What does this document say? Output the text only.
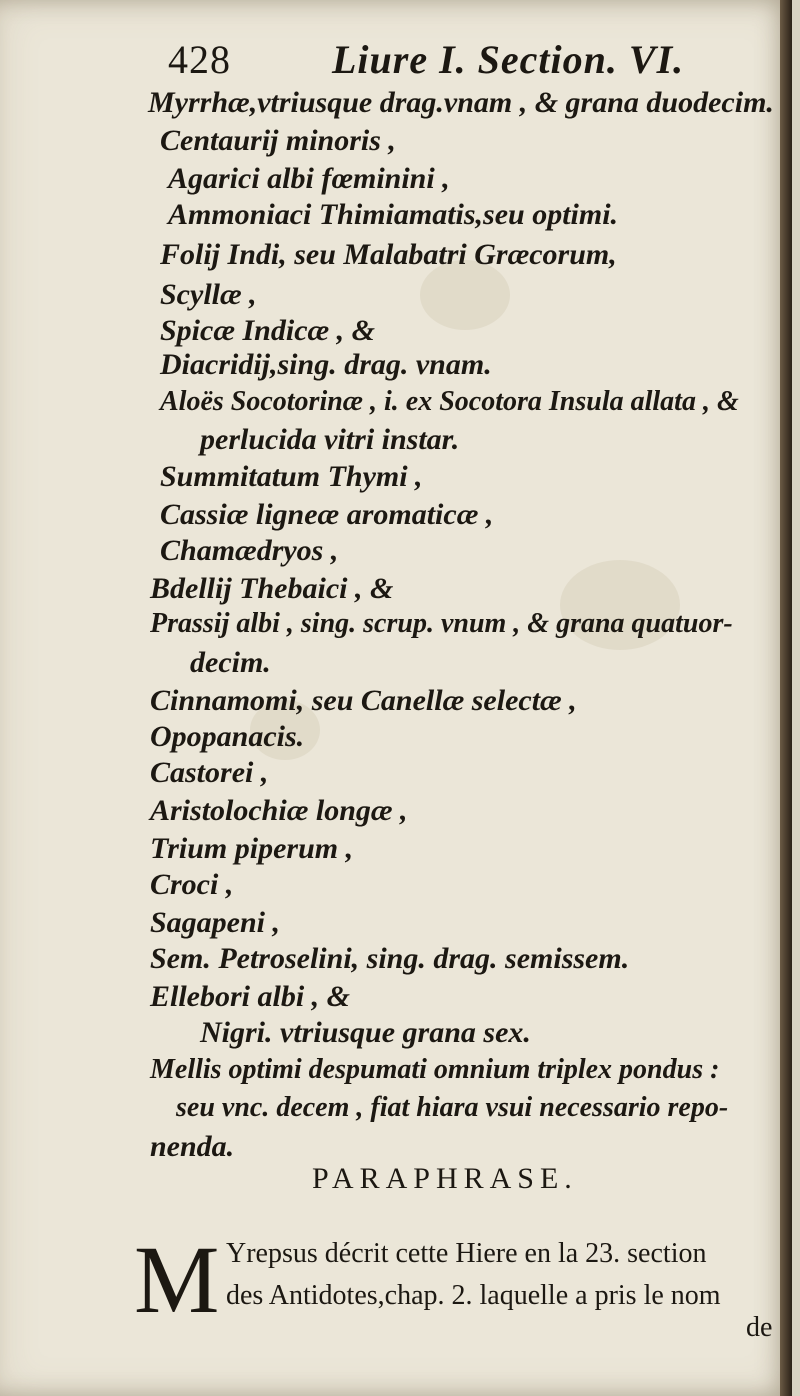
428	Liure I. Section. VI.
Myrrhæ,vtriusque drag.vnam , & grana duodecim.
Centaurij minoris ,
Agarici albi fœminini ,
Ammoniaci Thimiamatis,seu optimi.
Folij Indi, seu Malabatri Græcorum,
Scyllæ ,
Spicæ Indicæ , &
Diacridij,sing. drag. vnam.
Aloës Socotorinæ , i. ex Socotora Insula allata , &
perlucida vitri instar.
Summitatum Thymi ,
Cassiæ ligneæ aromaticæ ,
Chamædryos ,
Bdellij Thebaici , &
Prassij albi , sing. scrup. vnum , & grana quatuor-
decim.
Cinnamomi, seu Canellæ selectæ ,
Opopanacis.
Castorei ,
Aristolochiæ longæ ,
Trium piperum ,
Croci ,
Sagapeni ,
Sem. Petroselini, sing. drag. semissem.
Ellebori albi , &
Nigri. vtriusque grana sex.
Mellis optimi despumati omnium triplex pondus :
seu vnc. decem , fiat hiara vsui necessario repo-
nenda.
PARAPHRASE.
M Yrepsus décrit cette Hiere en la 23. section
des Antidotes,chap. 2. laquelle a pris le nom
de
